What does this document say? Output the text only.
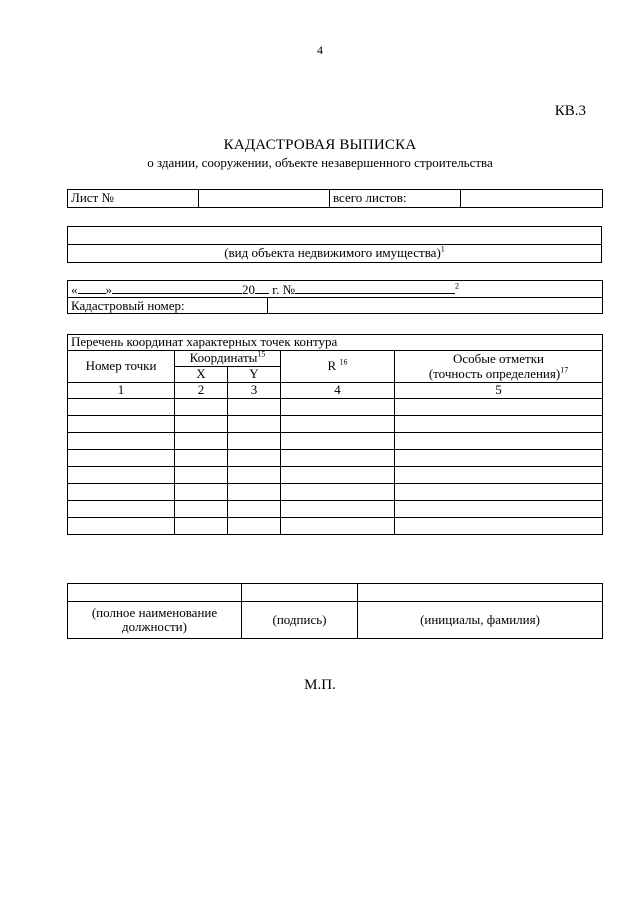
4
КВ.3
КАДАСТРОВАЯ ВЫПИСКА
о здании, сооружении, объекте незавершенного строительства
Лист №		всего листов:	

(вид объекта недвижимого имущества)$^1$
« »	20 г. №	$^2$
Кадастровый номер:	
Перечень координат характерных точек контура				
Номер точки	Координаты$^{15}$		R $^{16}$	Особые отметки
(точность определения)$^{17}$
	X	Y		
1	2	3	4	5

(полное наименование
должности)	(подпись)	(инициалы, фамилия)
М.П.
